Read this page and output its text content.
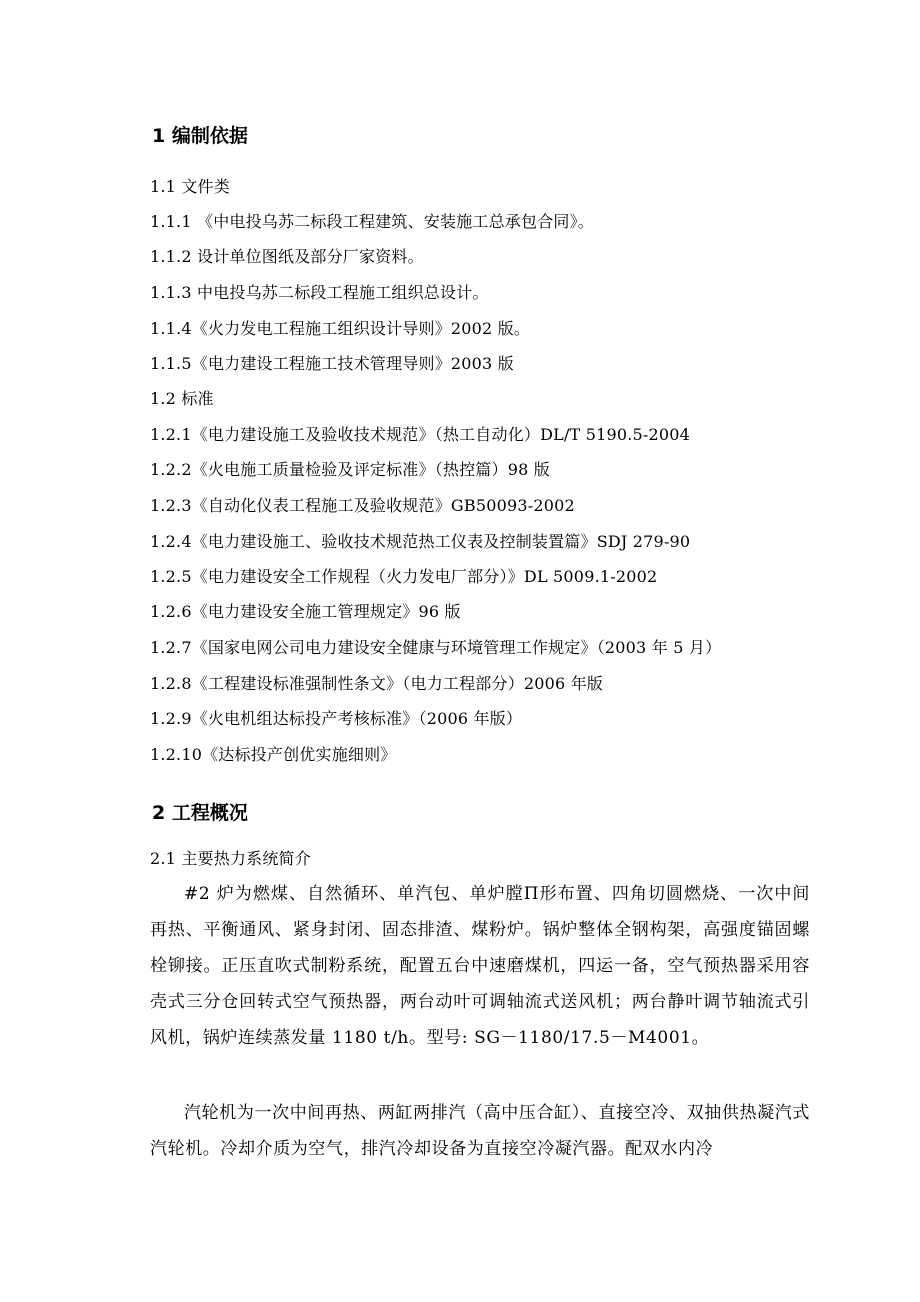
1 编制依据
1.1 文件类
1.1.1 《中电投乌苏二标段工程建筑、安装施工总承包合同》。
1.1.2 设计单位图纸及部分厂家资料。
1.1.3 中电投乌苏二标段工程施工组织总设计。
1.1.4《火力发电工程施工组织设计导则》2002 版。
1.1.5《电力建设工程施工技术管理导则》2003 版
1.2 标准
1.2.1《电力建设施工及验收技术规范》（热工自动化）DL/T 5190.5-2004
1.2.2《火电施工质量检验及评定标准》（热控篇）98 版
1.2.3《自动化仪表工程施工及验收规范》GB50093-2002
1.2.4《电力建设施工、验收技术规范热工仪表及控制装置篇》SDJ 279-90
1.2.5《电力建设安全工作规程（火力发电厂部分）》DL 5009.1-2002
1.2.6《电力建设安全施工管理规定》96 版
1.2.7《国家电网公司电力建设安全健康与环境管理工作规定》（2003 年 5 月）
1.2.8《工程建设标准强制性条文》（电力工程部分）2006 年版
1.2.9《火电机组达标投产考核标准》（2006 年版）
1.2.10《达标投产创优实施细则》
2 工程概况
2.1 主要热力系统简介
#2 炉为燃煤、自然循环、单汽包、单炉膛Π形布置、四角切圆燃烧、一次中间再热、平衡通风、紧身封闭、固态排渣、煤粉炉。锅炉整体全钢构架，高强度锚固螺栓铆接。正压直吹式制粉系统，配置五台中速磨煤机，四运一备，空气预热器采用容壳式三分仓回转式空气预热器，两台动叶可调轴流式送风机；两台静叶调节轴流式引风机，锅炉连续蒸发量 1180 t/h。型号: SG－1180/17.5－M4001。
汽轮机为一次中间再热、两缸两排汽（高中压合缸）、直接空冷、双抽供热凝汽式汽轮机。冷却介质为空气，排汽冷却设备为直接空冷凝汽器。配双水内冷
